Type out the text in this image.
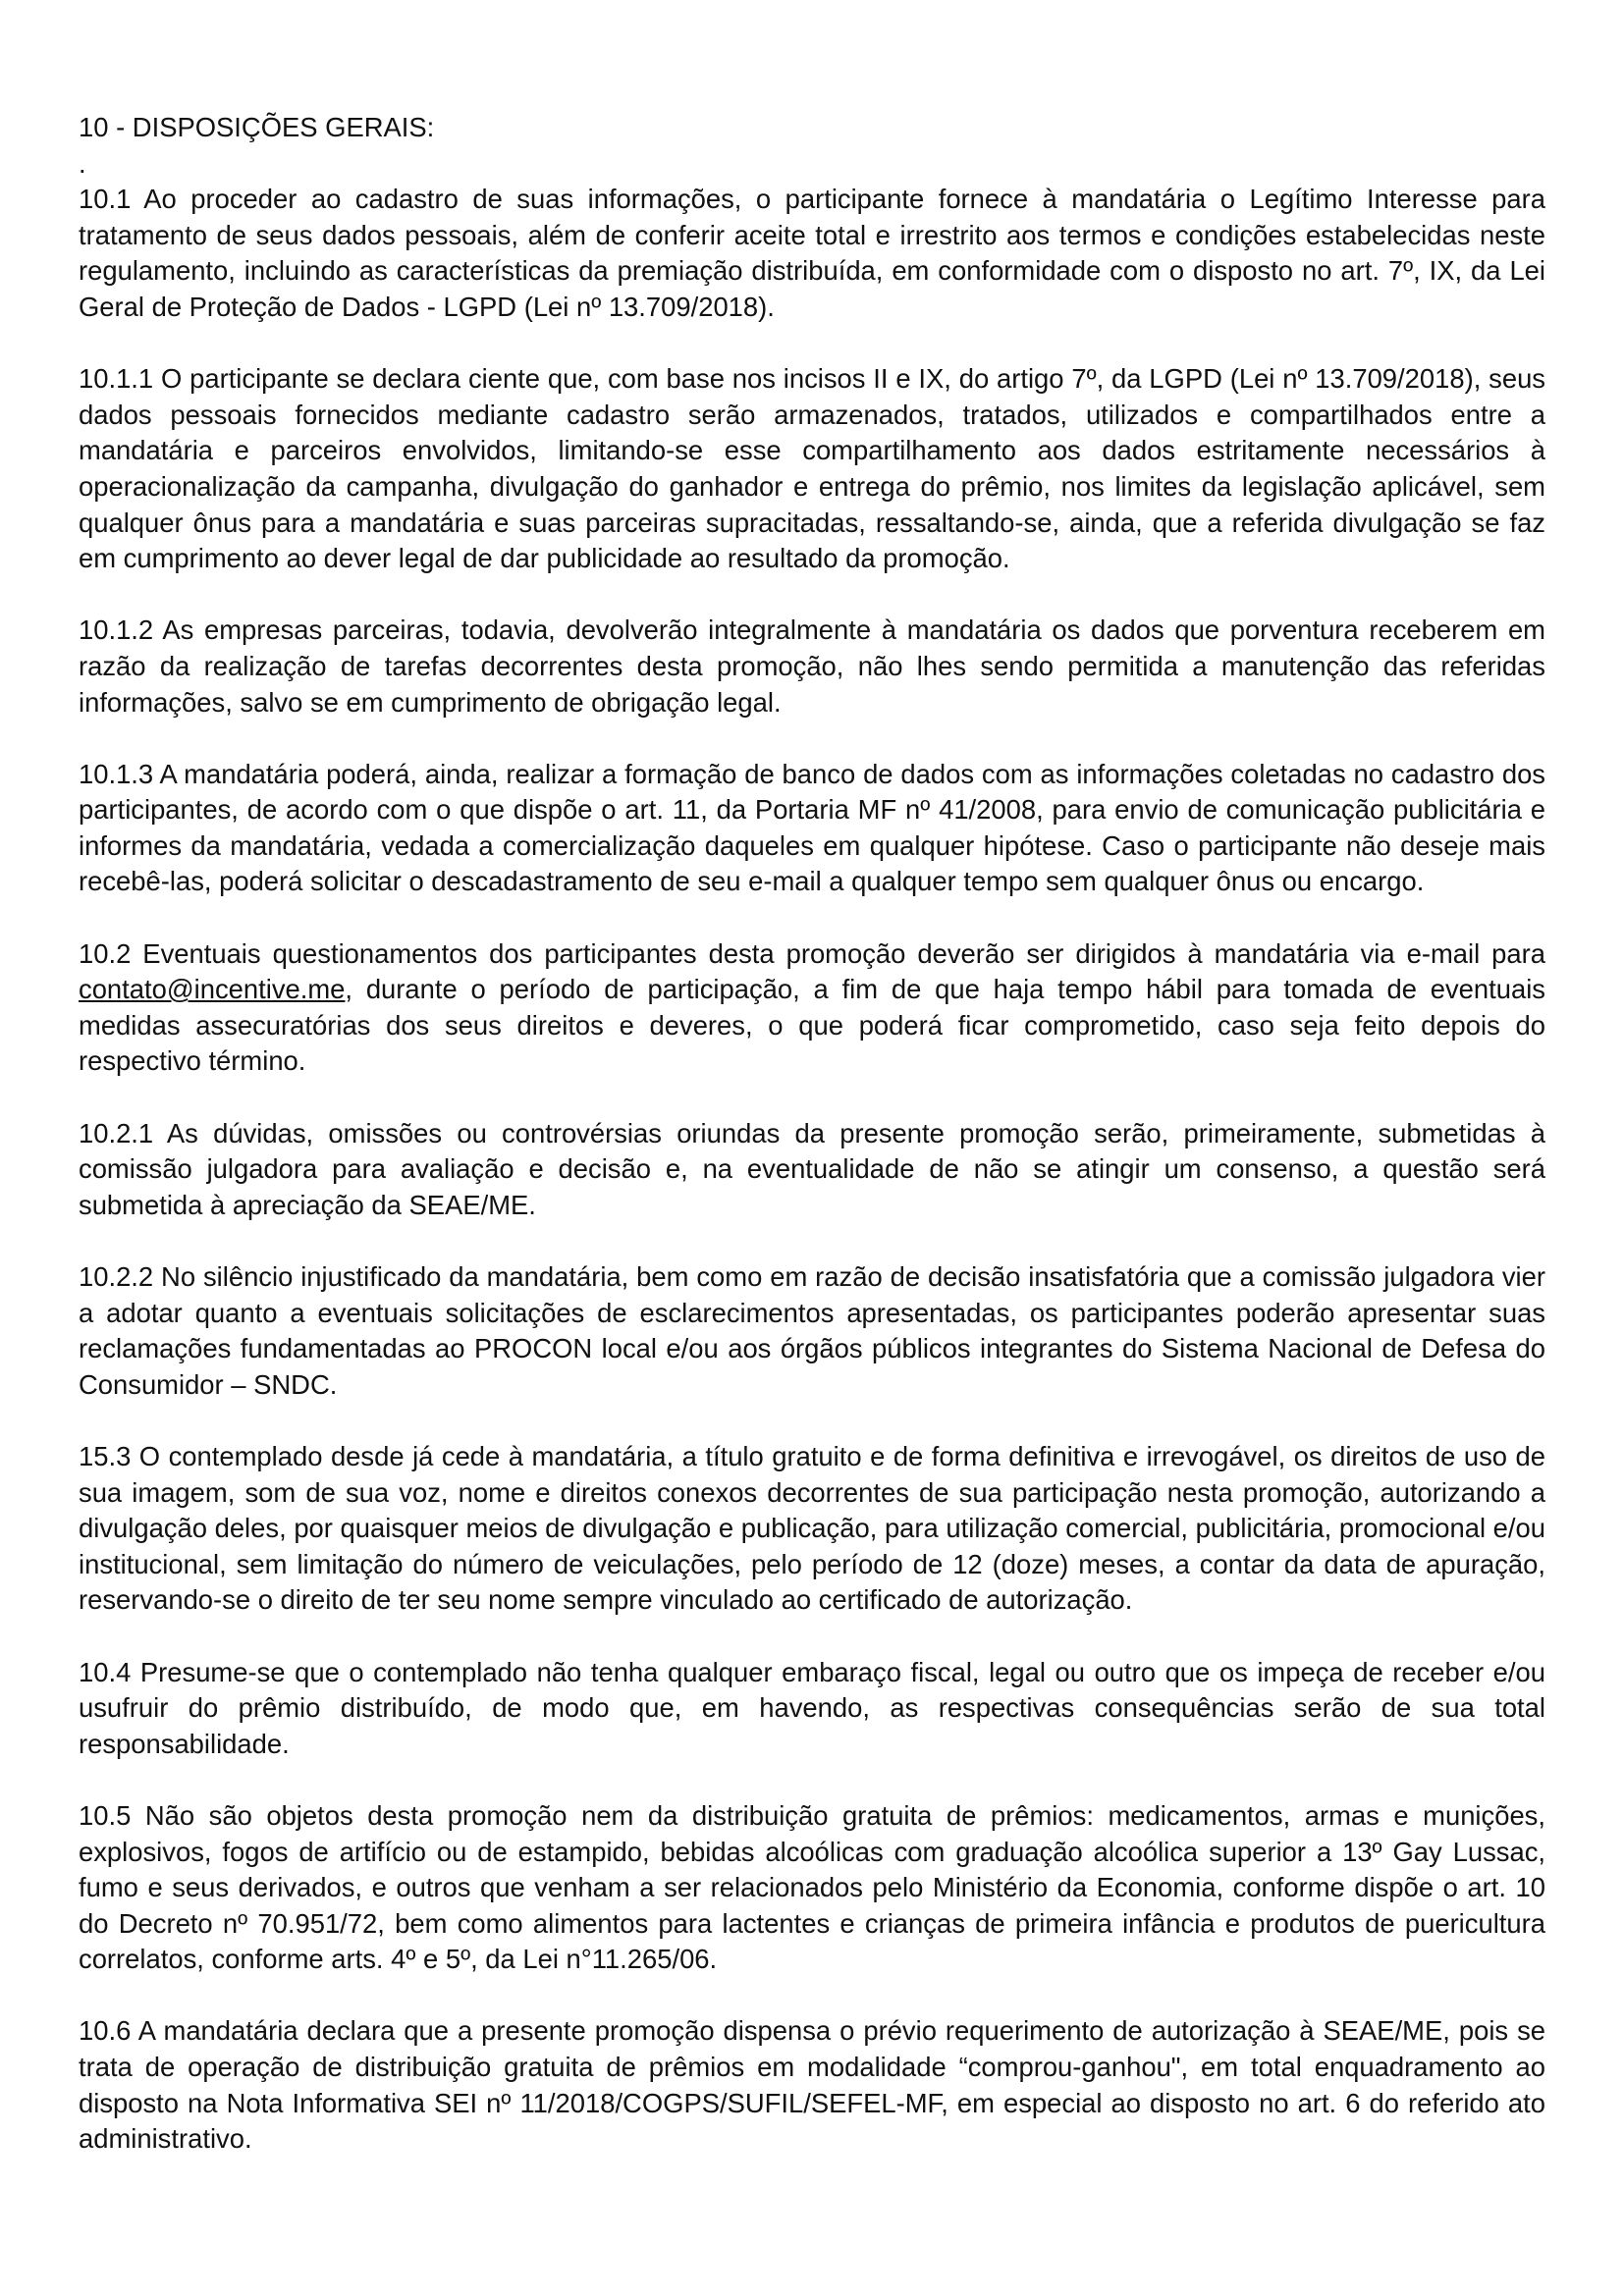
10 - DISPOSIÇÕES GERAIS:

.

10.1 Ao proceder ao cadastro de suas informações, o participante fornece à mandatária o Legítimo Interesse para tratamento de seus dados pessoais, além de conferir aceite total e irrestrito aos termos e condições estabelecidas neste regulamento, incluindo as características da premiação distribuída, em conformidade com o disposto no art. 7º, IX, da Lei Geral de Proteção de Dados - LGPD (Lei nº 13.709/2018).

10.1.1 O participante se declara ciente que, com base nos incisos II e IX, do artigo 7º, da LGPD (Lei nº 13.709/2018), seus dados pessoais fornecidos mediante cadastro serão armazenados, tratados, utilizados e compartilhados entre a mandatária e parceiros envolvidos, limitando-se esse compartilhamento aos dados estritamente necessários à operacionalização da campanha, divulgação do ganhador e entrega do prêmio, nos limites da legislação aplicável, sem qualquer ônus para a mandatária e suas parceiras supracitadas, ressaltando-se, ainda, que a referida divulgação se faz em cumprimento ao dever legal de dar publicidade ao resultado da promoção.

10.1.2 As empresas parceiras, todavia, devolverão integralmente à mandatária os dados que porventura receberem em razão da realização de tarefas decorrentes desta promoção, não lhes sendo permitida a manutenção das referidas informações, salvo se em cumprimento de obrigação legal.

10.1.3 A mandatária poderá, ainda, realizar a formação de banco de dados com as informações coletadas no cadastro dos participantes, de acordo com o que dispõe o art. 11, da Portaria MF nº 41/2008, para envio de comunicação publicitária e informes da mandatária, vedada a comercialização daqueles em qualquer hipótese. Caso o participante não deseje mais recebê-las, poderá solicitar o descadastramento de seu e-mail a qualquer tempo sem qualquer ônus ou encargo.

10.2 Eventuais questionamentos dos participantes desta promoção deverão ser dirigidos à mandatária via e-mail para contato@incentive.me, durante o período de participação, a fim de que haja tempo hábil para tomada de eventuais medidas assecuratórias dos seus direitos e deveres, o que poderá ficar comprometido, caso seja feito depois do respectivo término.

10.2.1 As dúvidas, omissões ou controvérsias oriundas da presente promoção serão, primeiramente, submetidas à comissão julgadora para avaliação e decisão e, na eventualidade de não se atingir um consenso, a questão será submetida à apreciação da SEAE/ME.

10.2.2 No silêncio injustificado da mandatária, bem como em razão de decisão insatisfatória que a comissão julgadora vier a adotar quanto a eventuais solicitações de esclarecimentos apresentadas, os participantes poderão apresentar suas reclamações fundamentadas ao PROCON local e/ou aos órgãos públicos integrantes do Sistema Nacional de Defesa do Consumidor – SNDC.

15.3 O contemplado desde já cede à mandatária, a título gratuito e de forma definitiva e irrevogável, os direitos de uso de sua imagem, som de sua voz, nome e direitos conexos decorrentes de sua participação nesta promoção, autorizando a divulgação deles, por quaisquer meios de divulgação e publicação, para utilização comercial, publicitária, promocional e/ou institucional, sem limitação do número de veiculações, pelo período de 12 (doze) meses, a contar da data de apuração, reservando-se o direito de ter seu nome sempre vinculado ao certificado de autorização.

10.4 Presume-se que o contemplado não tenha qualquer embaraço fiscal, legal ou outro que os impeça de receber e/ou usufruir do prêmio distribuído, de modo que, em havendo, as respectivas consequências serão de sua total responsabilidade.

10.5 Não são objetos desta promoção nem da distribuição gratuita de prêmios: medicamentos, armas e munições, explosivos, fogos de artifício ou de estampido, bebidas alcoólicas com graduação alcoólica superior a 13º Gay Lussac, fumo e seus derivados, e outros que venham a ser relacionados pelo Ministério da Economia, conforme dispõe o art. 10 do Decreto nº 70.951/72, bem como alimentos para lactentes e crianças de primeira infância e produtos de puericultura correlatos, conforme arts. 4º e 5º, da Lei n°11.265/06.

10.6 A mandatária declara que a presente promoção dispensa o prévio requerimento de autorização à SEAE/ME, pois se trata de operação de distribuição gratuita de prêmios em modalidade “comprou-ganhou", em total enquadramento ao disposto na Nota Informativa SEI nº 11/2018/COGPS/SUFIL/SEFEL-MF, em especial ao disposto no art. 6 do referido ato administrativo.
